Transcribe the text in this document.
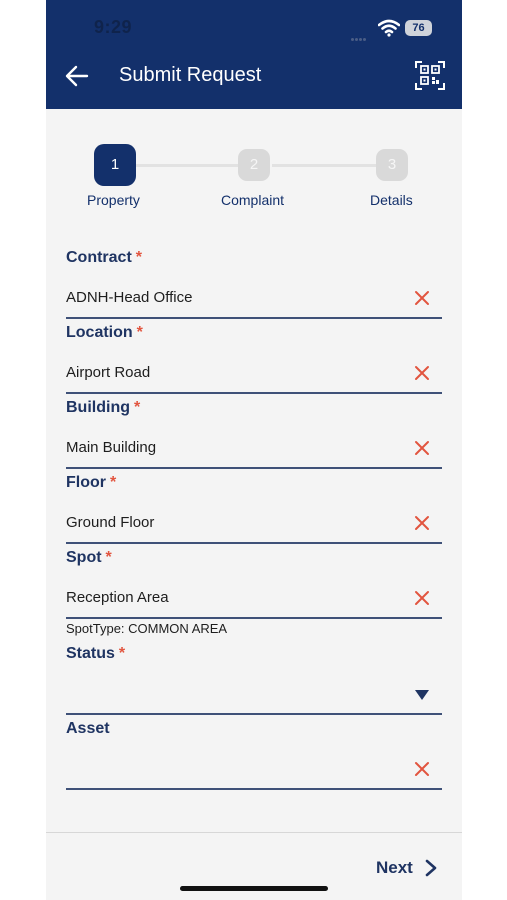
9:29	76
Submit Request
1	2	3
Property	Complaint	Details
Contract *
ADNH-Head Office
Location *
Airport Road
Building *
Main Building
Floor *
Ground Floor
Spot *
Reception Area
SpotType: COMMON AREA
Status *
Asset
Next
